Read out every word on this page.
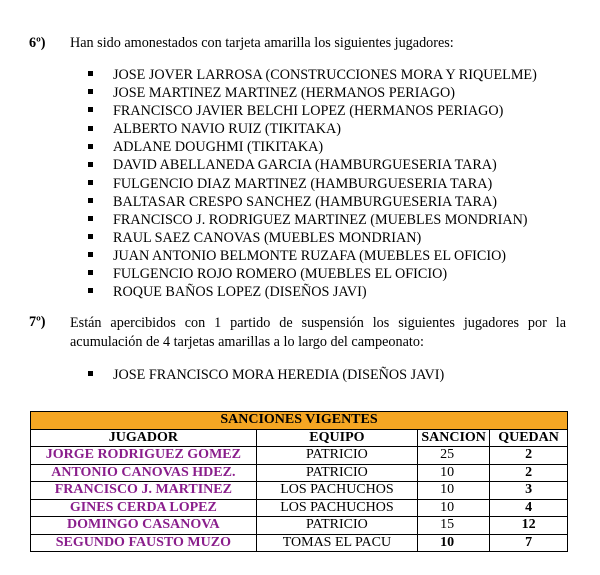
6º) Han sido amonestados con tarjeta amarilla los siguientes jugadores:
JOSE JOVER LARROSA (CONSTRUCCIONES MORA Y RIQUELME)
JOSE MARTINEZ MARTINEZ (HERMANOS PERIAGO)
FRANCISCO JAVIER BELCHI LOPEZ (HERMANOS PERIAGO)
ALBERTO NAVIO RUIZ (TIKITAKA)
ADLANE DOUGHMI (TIKITAKA)
DAVID ABELLANEDA GARCIA (HAMBURGUESERIA TARA)
FULGENCIO DIAZ MARTINEZ (HAMBURGUESERIA TARA)
BALTASAR CRESPO SANCHEZ (HAMBURGUESERIA TARA)
FRANCISCO J. RODRIGUEZ MARTINEZ (MUEBLES MONDRIAN)
RAUL SAEZ CANOVAS (MUEBLES MONDRIAN)
JUAN ANTONIO BELMONTE RUZAFA (MUEBLES EL OFICIO)
FULGENCIO ROJO ROMERO (MUEBLES EL OFICIO)
ROQUE BAÑOS LOPEZ (DISEÑOS JAVI)
7º) Están apercibidos con 1 partido de suspensión los siguientes jugadores por la acumulación de 4 tarjetas amarillas a lo largo del campeonato:
JOSE FRANCISCO MORA HEREDIA (DISEÑOS JAVI)
SANCIONES VIGENTES			
JUGADOR	EQUIPO	SANCION	QUEDAN
JORGE RODRIGUEZ GOMEZ	PATRICIO	25	2
ANTONIO CANOVAS HDEZ.	PATRICIO	10	2
FRANCISCO J. MARTINEZ	LOS PACHUCHOS	10	3
GINES CERDA LOPEZ	LOS PACHUCHOS	10	4
DOMINGO CASANOVA	PATRICIO	15	12
SEGUNDO FAUSTO MUZO	TOMAS EL PACU	10	7
